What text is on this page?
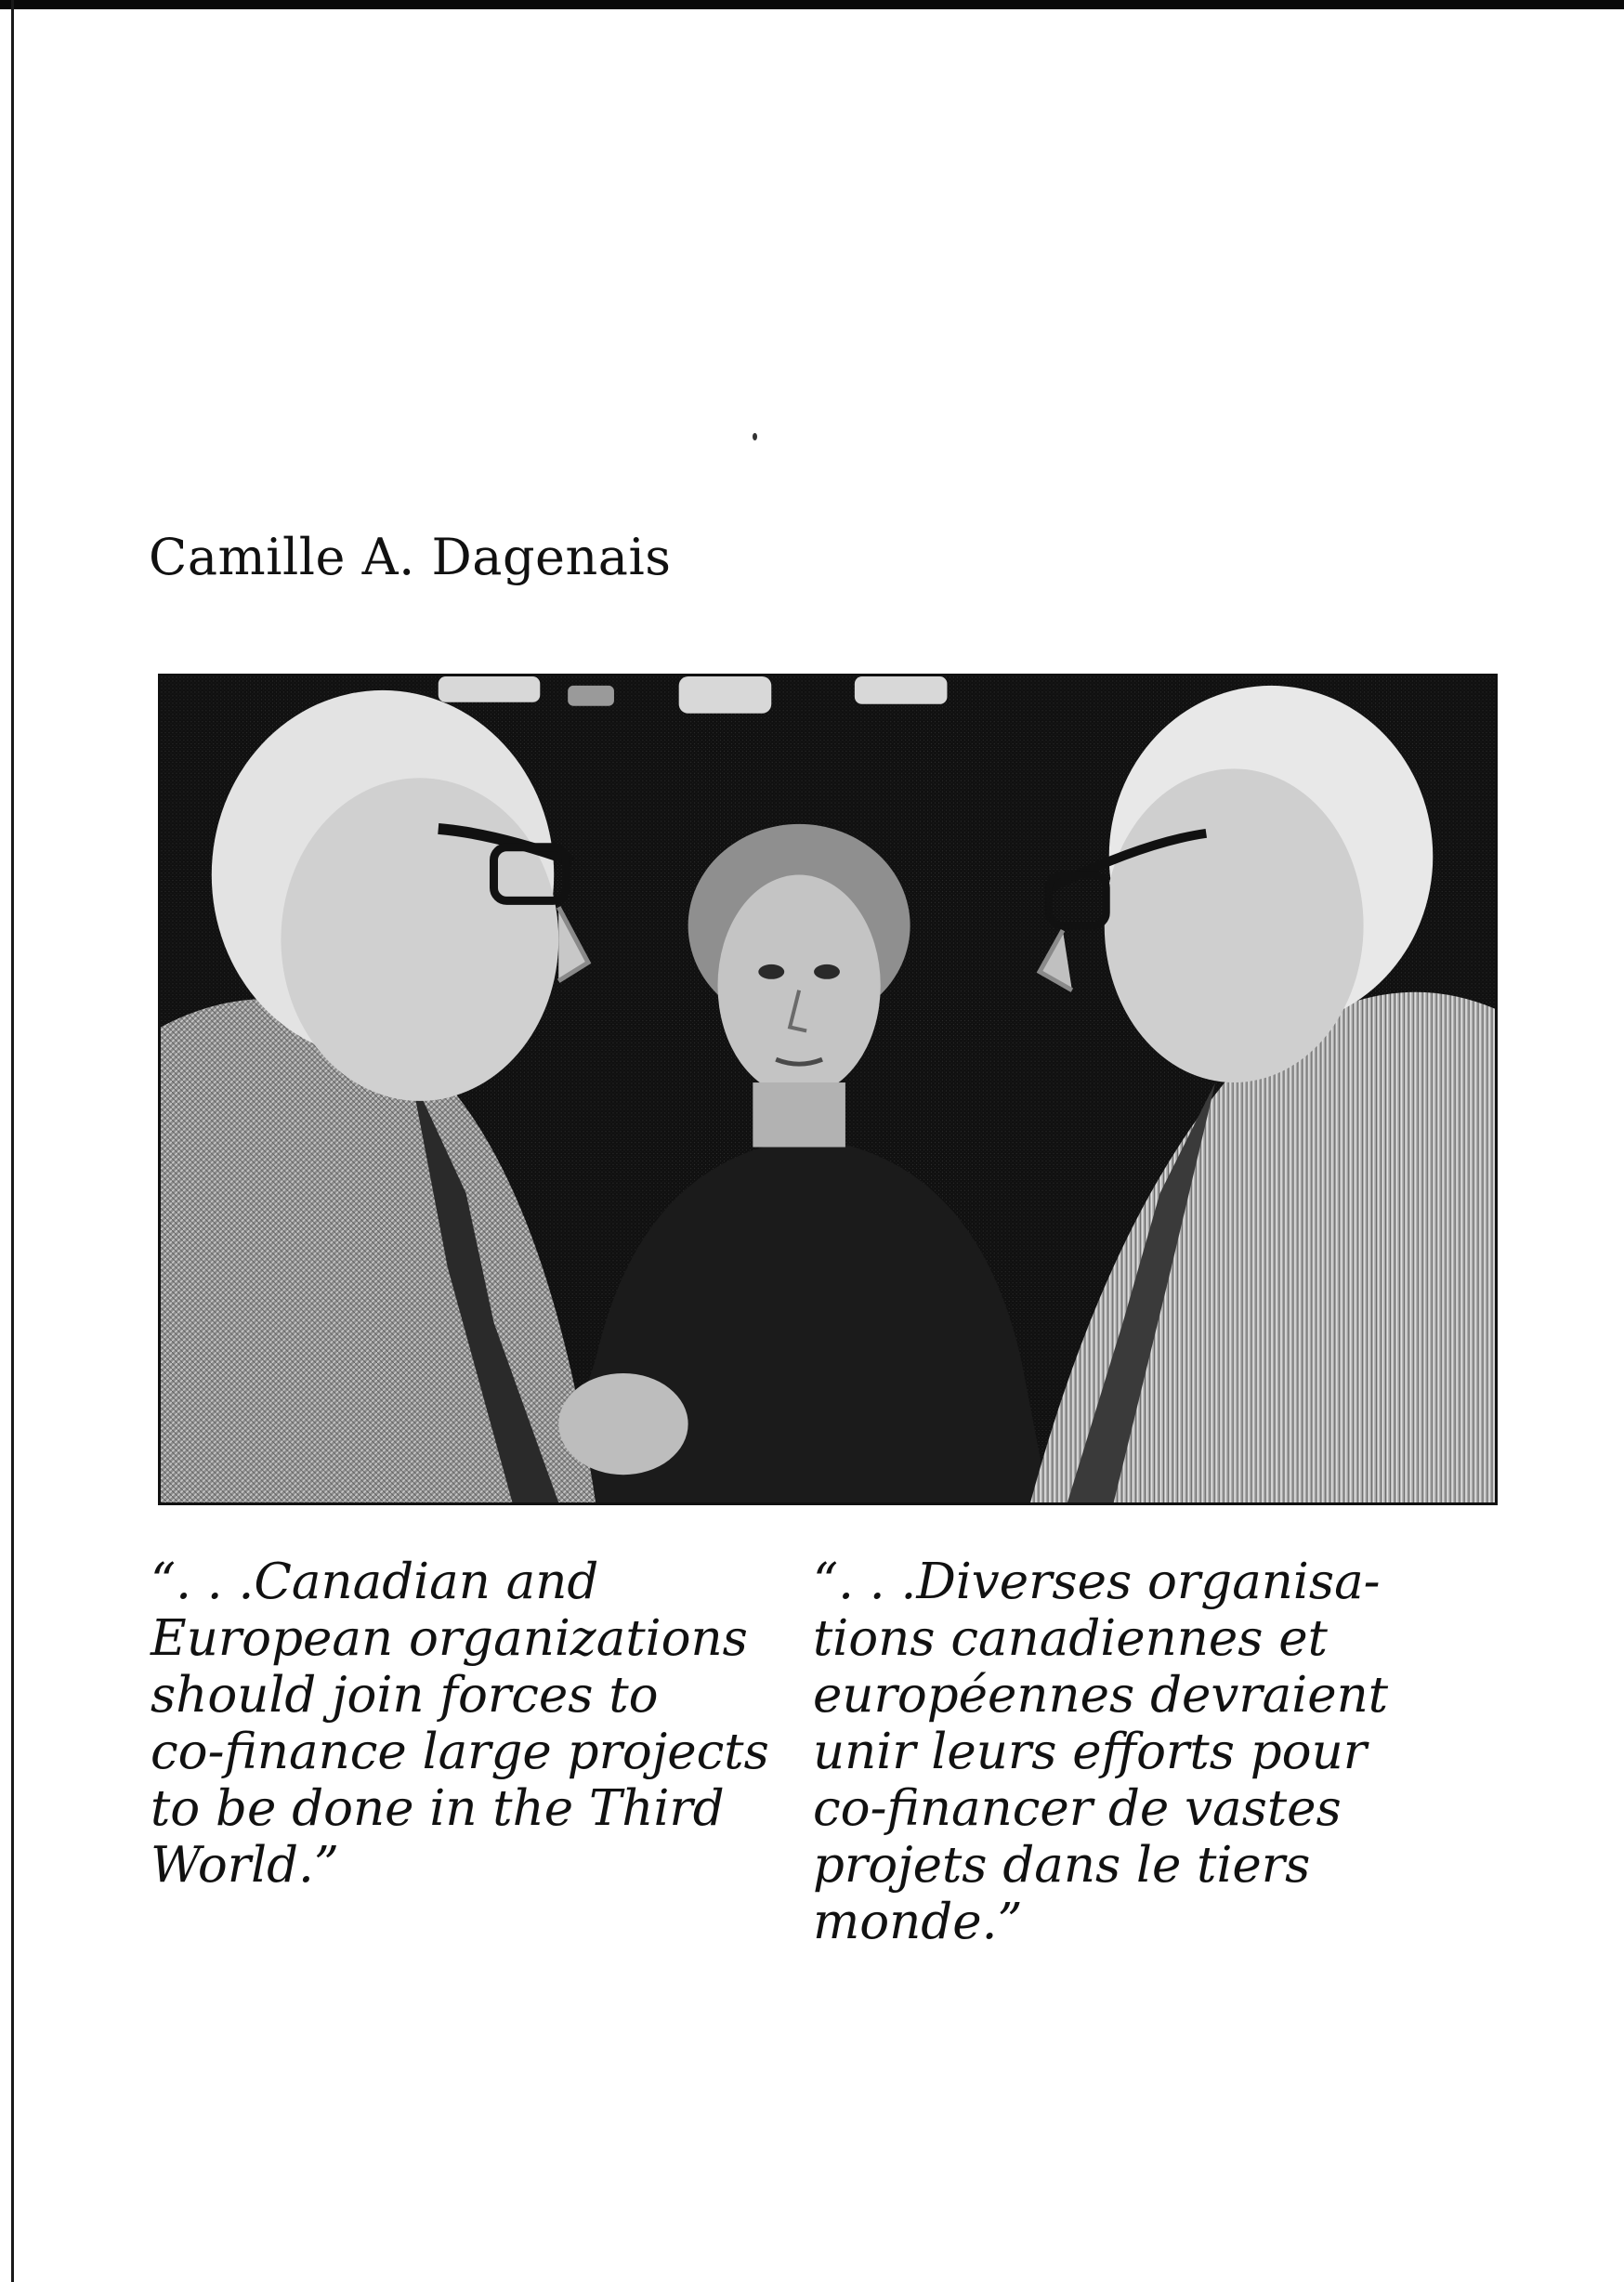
Camille A. Dagenais

“. . .Canadian and
European organizations
should join forces to
co-finance large projects
to be done in the Third
World.”

“. . .Diverses organisa-
tions canadiennes et
européennes devraient
unir leurs efforts pour
co-financer de vastes
projets dans le tiers
monde.”
